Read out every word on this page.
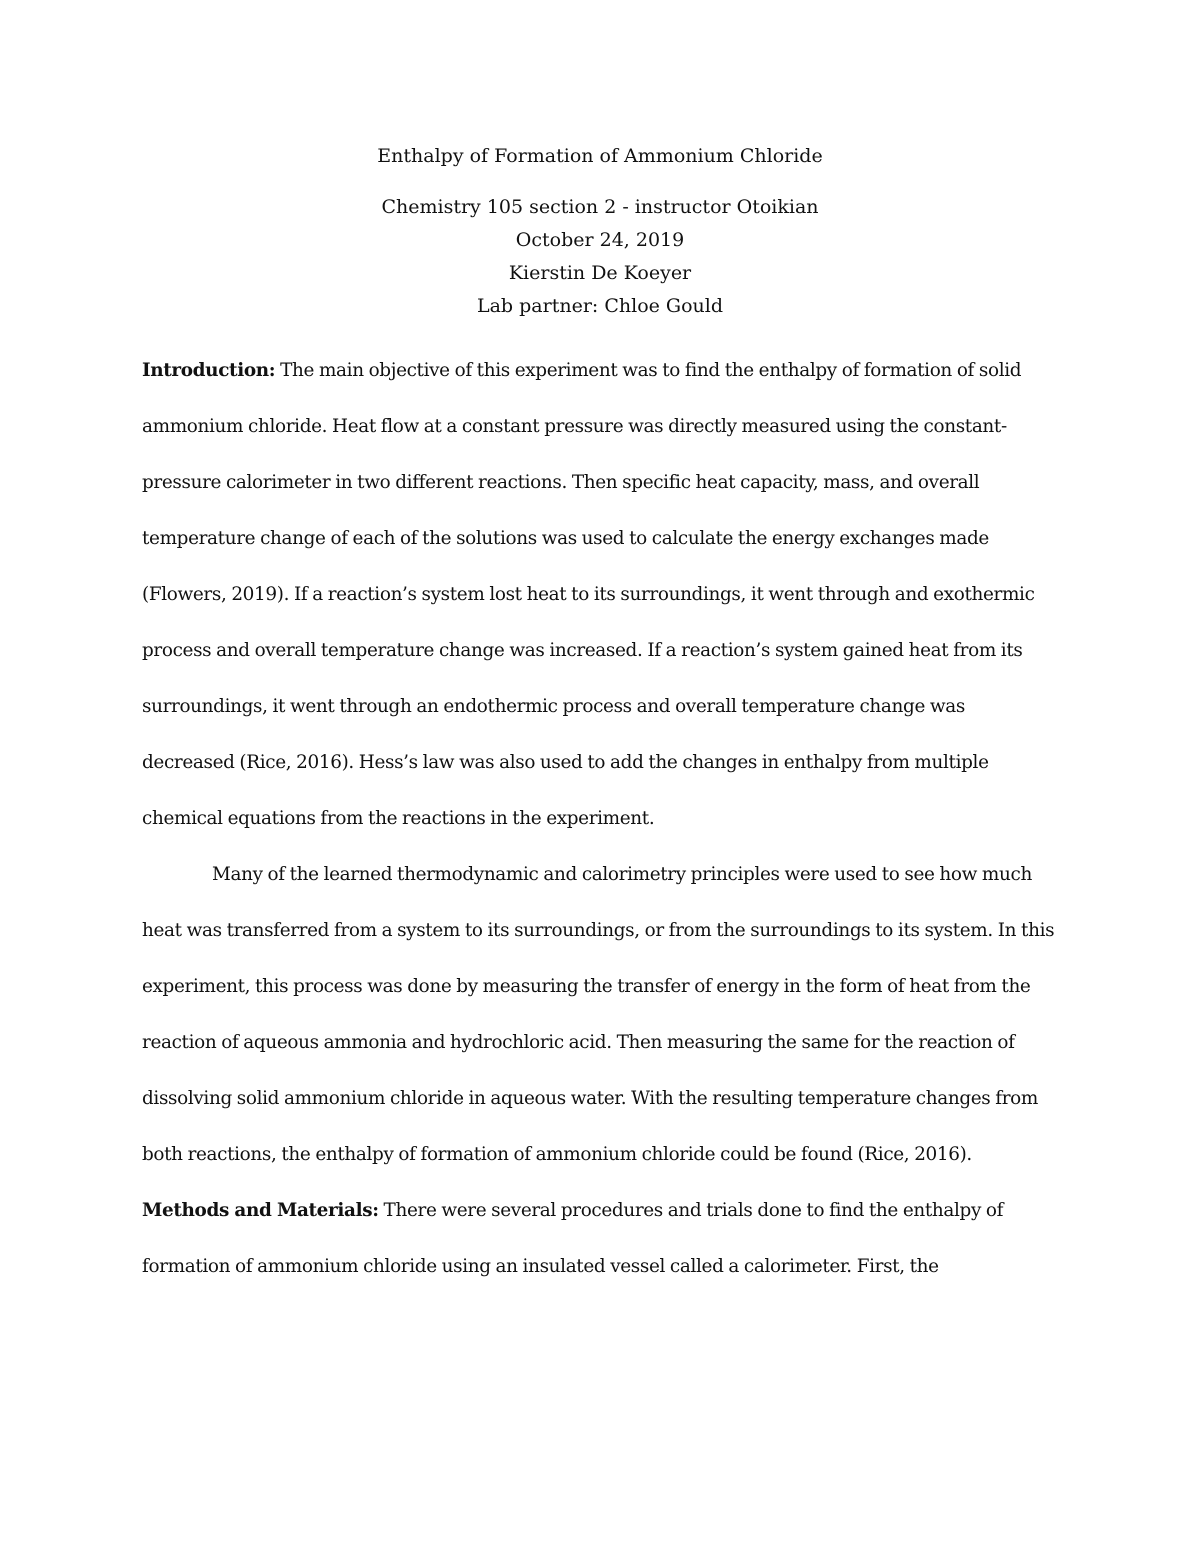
Enthalpy of Formation of Ammonium Chloride

Chemistry 105 section 2 - instructor Otoikian

October 24, 2019

Kierstin De Koeyer

Lab partner: Chloe Gould

Introduction: The main objective of this experiment was to find the enthalpy of formation of solid ammonium chloride. Heat flow at a constant pressure was directly measured using the constant-pressure calorimeter in two different reactions. Then specific heat capacity, mass, and overall temperature change of each of the solutions was used to calculate the energy exchanges made (Flowers, 2019). If a reaction’s system lost heat to its surroundings, it went through and exothermic process and overall temperature change was increased. If a reaction’s system gained heat from its surroundings, it went through an endothermic process and overall temperature change was decreased (Rice, 2016). Hess’s law was also used to add the changes in enthalpy from multiple chemical equations from the reactions in the experiment.

Many of the learned thermodynamic and calorimetry principles were used to see how much heat was transferred from a system to its surroundings, or from the surroundings to its system. In this experiment, this process was done by measuring the transfer of energy in the form of heat from the reaction of aqueous ammonia and hydrochloric acid. Then measuring the same for the reaction of dissolving solid ammonium chloride in aqueous water. With the resulting temperature changes from both reactions, the enthalpy of formation of ammonium chloride could be found (Rice, 2016).

Methods and Materials: There were several procedures and trials done to find the enthalpy of formation of ammonium chloride using an insulated vessel called a calorimeter. First, the
